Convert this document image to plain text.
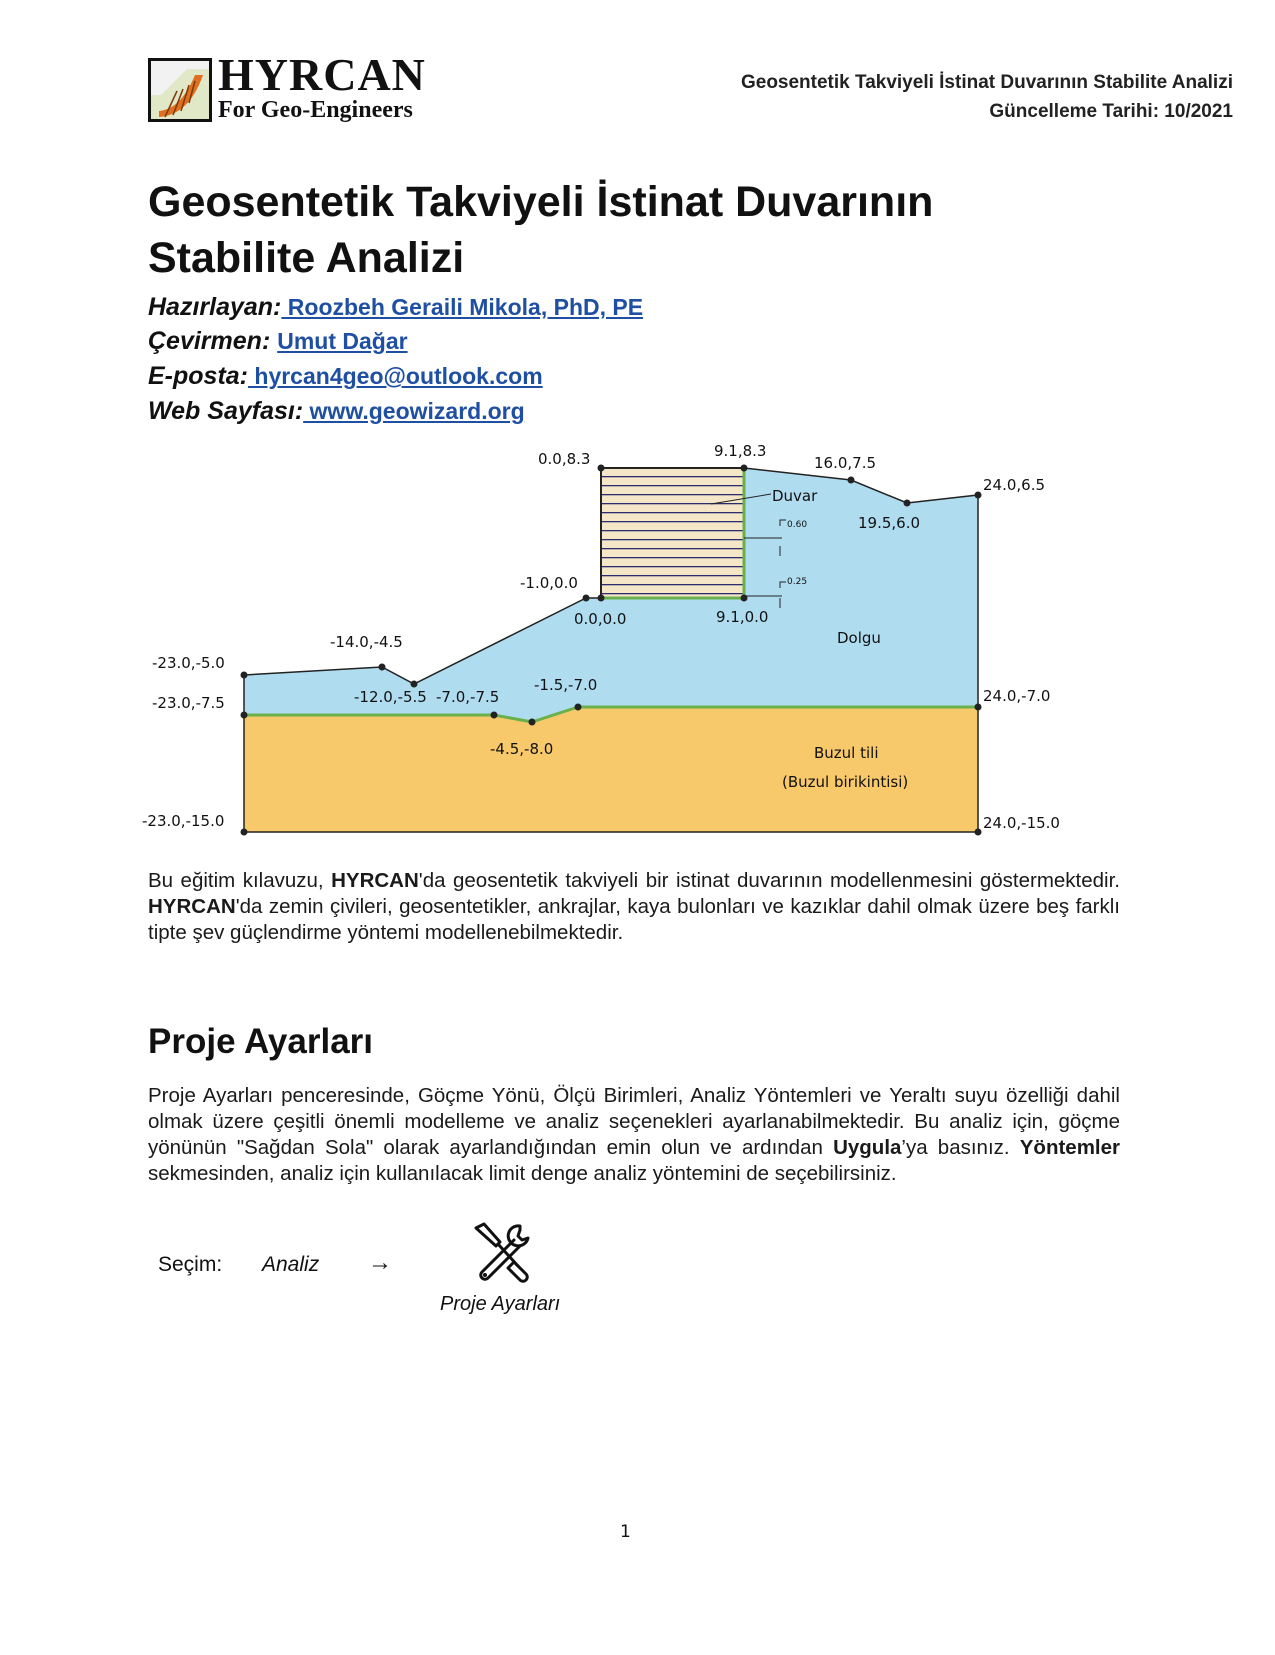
HYRCAN
For Geo-Engineers
Geosentetik Takviyeli İstinat Duvarının Stabilite Analizi
Güncelleme Tarihi: 10/2021
Geosentetik Takviyeli İstinat Duvarının
Stabilite Analizi
Hazırlayan: Roozbeh Geraili Mikola, PhD, PE
Çevirmen: Umut Dağar
E-posta: hyrcan4geo@outlook.com
Web Sayfası: www.geowizard.org
0.60
0.25
0.0,8.3	9.1,8.3
16.0,7.5
24.0,6.5
19.5,6.0
-1.0,0.0
0.0,0.0	9.1,0.0
-14.0,-4.5
-23.0,-5.0
-23.0,-7.5	-12.0,-5.5 -7.0,-7.5
-1.5,-7.0
24.0,-7.0
-4.5,-8.0
-23.0,-15.0	24.0,-15.0
Duvar
Dolgu
Buzul tili
(Buzul birikintisi)
Bu eğitim kılavuzu, HYRCAN'da geosentetik takviyeli bir istinat duvarının modellenmesini göstermektedir. HYRCAN'da zemin çivileri, geosentetikler, ankrajlar, kaya bulonları ve kazıklar dahil olmak üzere beş farklı tipte şev güçlendirme yöntemi modellenebilmektedir.
Proje Ayarları
Proje Ayarları penceresinde, Göçme Yönü, Ölçü Birimleri, Analiz Yöntemleri ve Yeraltı suyu özelliği dahil olmak üzere çeşitli önemli modelleme ve analiz seçenekleri ayarlanabilmektedir. Bu analiz için, göçme yönünün "Sağdan Sola" olarak ayarlandığından emin olun ve ardından Uygula’ya basınız. Yöntemler sekmesinden, analiz için kullanılacak limit denge analiz yöntemini de seçebilirsiniz.
Seçim: Analiz →
Proje Ayarları
1
